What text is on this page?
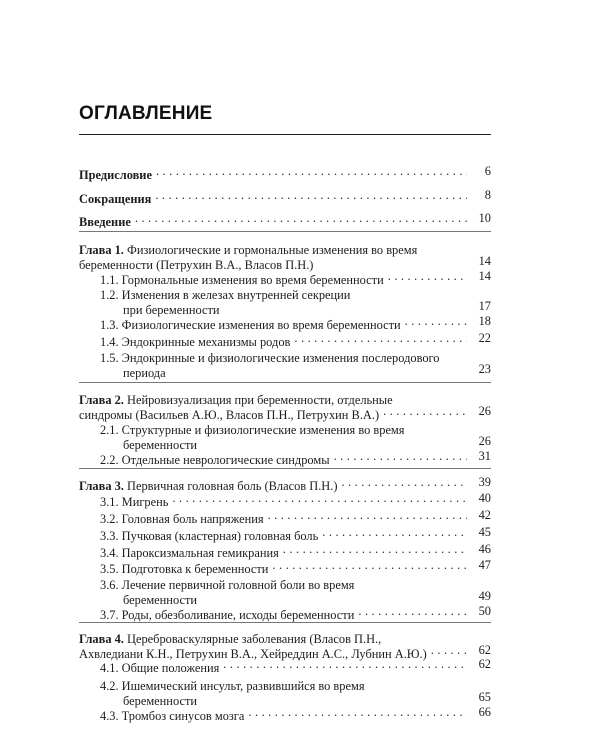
ОГЛАВЛЕНИЕ
Предисловие . . .	6
Сокращения . . .	8
Введение . . .	10
Глава 1. Физиологические и гормональные изменения во время
беременности (Петрухин В.А., Власов П.Н.)	14
1.1. Гормональные изменения во время беременности . . .	14
1.2. Изменения в железах внутренней секреции
при беременности	17
1.3. Физиологические изменения во время беременности . . .	18
1.4. Эндокринные механизмы родов . . .	22
1.5. Эндокринные и физиологические изменения послеродового
периода	23
Глава 2. Нейровизуализация при беременности, отдельные
синдромы (Васильев А.Ю., Власов П.Н., Петрухин В.А.) . . .	26
2.1. Структурные и физиологические изменения во время
беременности	26
2.2. Отдельные неврологические синдромы . . .	31
Глава 3. Первичная головная боль (Власов П.Н.) . . .	39
3.1. Мигрень . . .	40
3.2. Головная боль напряжения . . .	42
3.3. Пучковая (кластерная) головная боль . . .	45
3.4. Пароксизмальная гемикрания . . .	46
3.5. Подготовка к беременности . . .	47
3.6. Лечение первичной головной боли во время
беременности	49
3.7. Роды, обезболивание, исходы беременности . . .	50
Глава 4. Цереброваскулярные заболевания (Власов П.Н.,
Ахвледиани К.Н., Петрухин В.А., Хейреддин А.С., Лубнин А.Ю.) . . .	62
4.1. Общие положения . . .	62
4.2. Ишемический инсульт, развившийся во время
беременности	65
4.3. Тромбоз синусов мозга . . .	66
